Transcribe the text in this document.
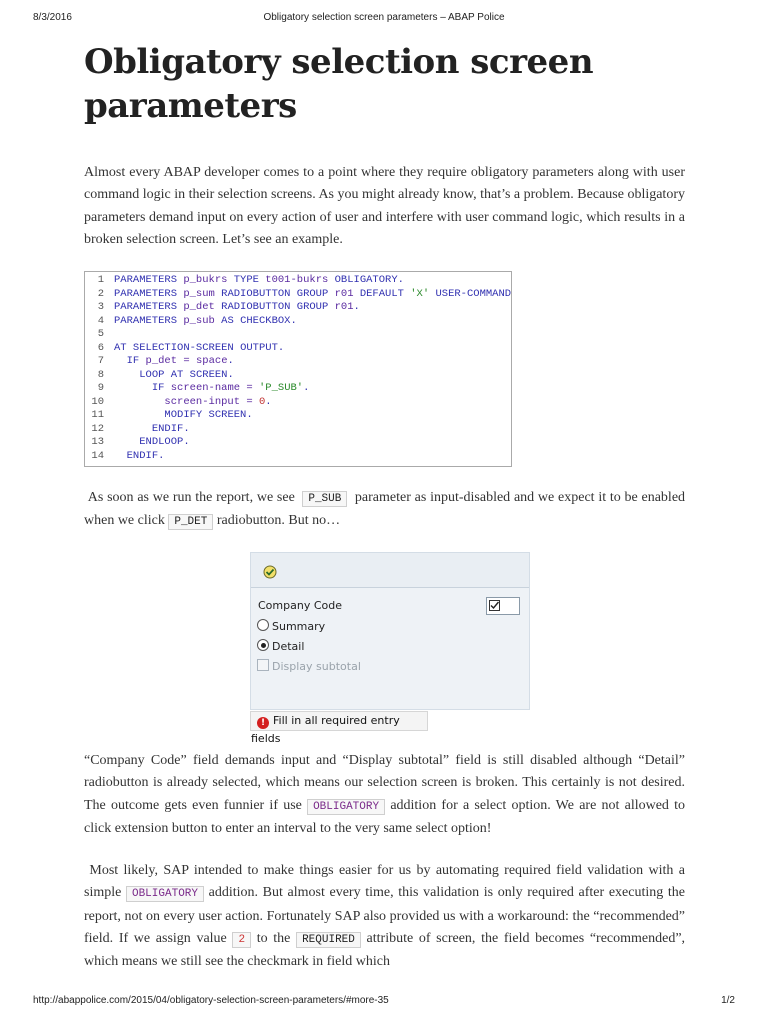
8/3/2016	Obligatory selection screen parameters – ABAP Police
Obligatory selection screen parameters

Almost every ABAP developer comes to a point where they require obligatory parameters along with user command logic in their selection screens. As you might already know, that’s a problem. Because obligatory parameters demand input on every action of user and interfere with user command logic, which results in a broken selection screen. Let’s see an example.

1 PARAMETERS p_bukrs TYPE t001-bukrs OBLIGATORY.
2 PARAMETERS p_sum RADIOBUTTON GROUP r01 DEFAULT 'X' USER-COMMAND
3 PARAMETERS p_det RADIOBUTTON GROUP r01.
4 PARAMETERS p_sub AS CHECKBOX.
5
6 AT SELECTION-SCREEN OUTPUT.
7 IF p_det = space.
8	LOOP AT SCREEN.
9	IF screen-name = 'P_SUB'.
10	screen-input = 0.
11	MODIFY SCREEN.
12	ENDIF.
13	ENDLOOP.
14 ENDIF.

As soon as we run the report, we see P_SUB parameter as input-disabled and we expect it to be enabled when we click P_DET radiobutton. But no…

Company Code
Summary
Detail
Display subtotal
! Fill in all required entry fields

“Company Code” field demands input and “Display subtotal” field is still disabled although “Detail” radiobutton is already selected, which means our selection screen is broken. This certainly is not desired. The outcome gets even funnier if use OBLIGATORY addition for a select option. We are not allowed to click extension button to enter an interval to the very same select option!

Most likely, SAP intended to make things easier for us by automating required field validation with a simple OBLIGATORY addition. But almost every time, this validation is only required after executing the report, not on every user action. Fortunately SAP also provided us with a workaround: the “recommended” field. If we assign value 2 to the REQUIRED attribute of screen, the field becomes “recommended”, which means we still see the checkmark in field which

http://abappolice.com/2015/04/obligatory-selection-screen-parameters/#more-35	1/2
